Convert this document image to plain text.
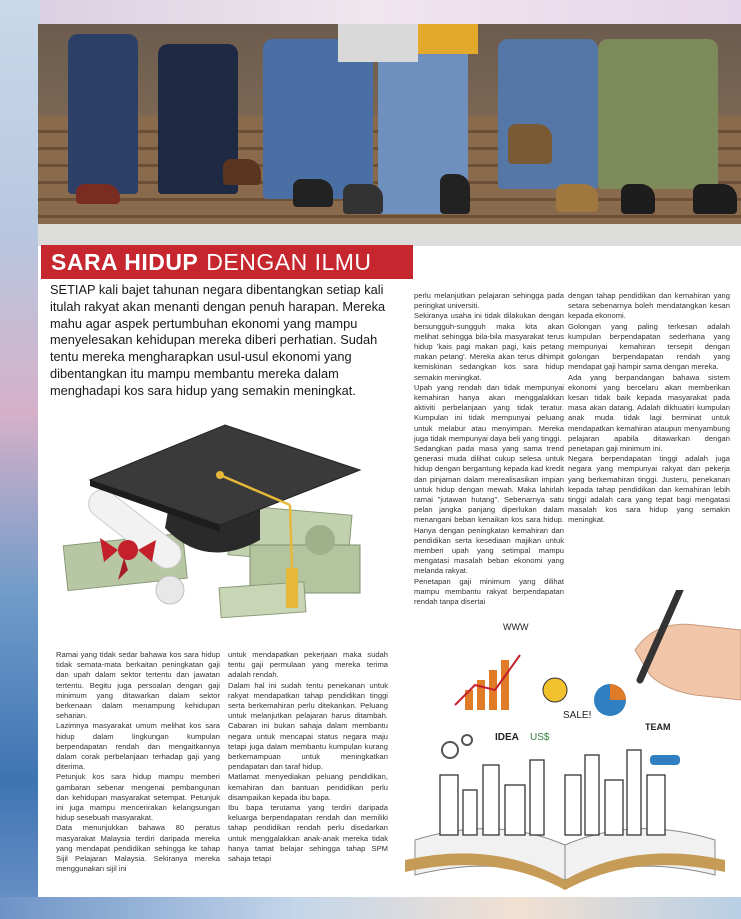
SARA HIDUP DENGAN ILMU
SETIAP kali bajet tahunan negara dibentangkan setiap kali itulah rakyat akan menanti dengan penuh harapan. Mereka mahu agar aspek pertumbuhan ekonomi yang mampu menyelesakan kehidupan mereka diberi perhatian. Sudah tentu mereka mengharapkan usul-usul ekonomi yang dibentangkan itu mampu membantu mereka dalam menghadapi kos sara hidup yang semakin meningkat.
perlu melanjutkan pelajaran sehingga pada peringkat universiti.
Sekiranya usaha ini tidak dilakukan dengan bersungguh-sungguh maka kita akan melihat sehingga bila-bila masyarakat terus hidup 'kais pagi makan pagi, kais petang makan petang'. Mereka akan terus dihimpit kemiskinan sedangkan kos sara hidup semakin meningkat.
Upah yang rendah dan tidak mempunyai kemahiran hanya akan menggalakkan aktiviti perbelanjaan yang tidak teratur. Kumpulan ini tidak mempunyai peluang untuk melabur atau menyimpan. Mereka juga tidak mempunyai daya beli yang tinggi.
Sedangkan pada masa yang sama trend generasi muda dilihat cukup selesa untuk hidup dengan bergantung kepada kad kredit dan pinjaman dalam merealisasikan impian untuk hidup dengan mewah. Maka lahirlah ramai "jutawan hutang". Sebenarnya satu pelan jangka panjang diperlukan dalam menangani beban kenaikan kos sara hidup. Hanya dengan peningkatan kemahiran dan pendidikan serta kesediaan majikan untuk memberi upah yang setimpal mampu mengatasi masalah beban ekonomi yang melanda rakyat.
Penetapan gaji minimum yang dilihat mampu membantu rakyat berpendapatan rendah tanpa disertai
dengan tahap pendidikan dan kemahiran yang setara sebenarnya boleh mendatangkan kesan kepada ekonomi.
Golongan yang paling terkesan adalah kumpulan berpendapatan sederhana yang mempunyai kemahiran tersepit dengan golongan berpendapatan rendah yang mendapat gaji hampir sama dengan mereka.
Ada yang berpandangan bahawa sistem ekonomi yang bercelaru akan memberikan kesan tidak baik kepada masyarakat pada masa akan datang. Adalah dikhuatiri kumpulan anak muda tidak lagi berminat untuk mendapatkan kemahiran ataupun menyambung pelajaran apabila ditawarkan dengan penetapan gaji minimum ini.
Negara berpendapatan tinggi adalah juga negara yang mempunyai rakyat dan pekerja yang berkemahiran tinggi. Justeru, penekanan kepada tahap pendidikan dan kemahiran lebih tinggi adalah cara yang tepat bagi mengatasi masalah kos sara hidup yang semakin meningkat.
Ramai yang tidak sedar bahawa kos sara hidup tidak semata-mata berkaitan peningkatan gaji dan upah dalam sektor tertentu dan jawatan tertentu. Begitu juga persoalan dengan gaji minimum yang ditawarkan dalam sektor berkenaan dalam menampung kehidupan seharian.
Lazimnya masyarakat umum melihat kos sara hidup dalam lingkungan kumpulan berpendapatan rendah dan mengaitkannya dalam corak perbelanjaan terhadap gaji yang diterima.
Petunjuk kos sara hidup mampu memberi gambaran sebenar mengenai pembangunan dan kehidupan masyarakat setempat. Petunjuk ini juga mampu mencerirakan kelangsungan hidup sesebuah masyarakat.
Data menunjukkan bahawa 80 peratus masyarakat Malaysia terdiri daripada mereka yang mendapat pendidikan sehingga ke tahap Sijil Pelajaran Malaysia. Sekiranya mereka menggunakan sijil ini
untuk mendapatkan pekerjaan maka sudah tentu gaji permulaan yang mereka terima adalah rendah.
Dalam hal ini sudah tentu penekanan untuk rakyat mendapatkan tahap pendidikan tinggi serta berkemahiran perlu ditekankan. Peluang untuk melanjutkan pelajaran harus ditambah. Cabaran ini bukan sahaja dalam membantu negara untuk mencapai status negara maju tetapi juga dalam membantu kumpulan kurang berkemampuan untuk meningkatkan pendapatan dan taraf hidup.
Matlamat menyediakan peluang pendidikan, kemahiran dan bantuan pendidikan perlu disampaikan kepada ibu bapa.
Ibu bapa terutama yang terdiri daripada keluarga berpendapatan rendah dan memiliki tahap pendidikan rendah perlu disedarkan untuk menggalakkan anak-anak mereka tidak hanya tamat belajar sehingga tahap SPM sahaja tetapi
IDEA US$
SALE!
TEAM
WWW
